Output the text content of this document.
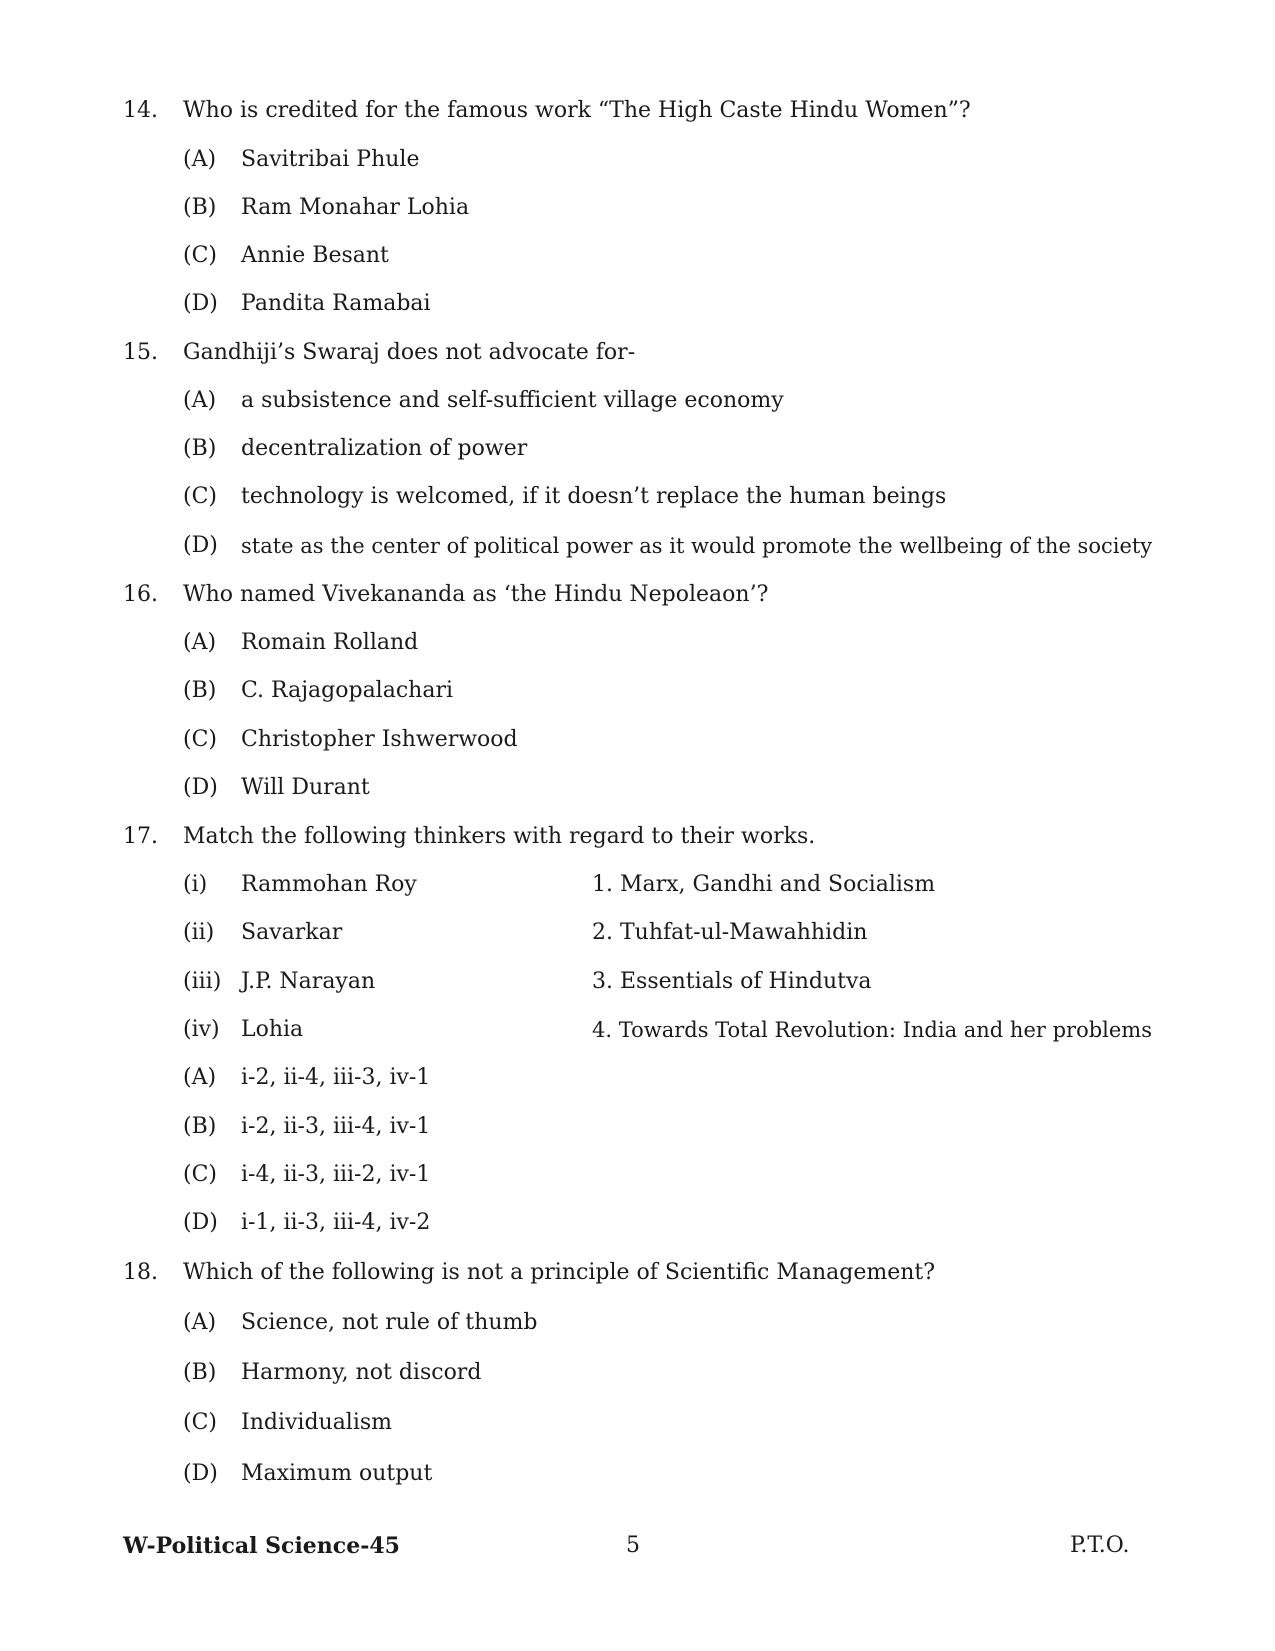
14. Who is credited for the famous work “The High Caste Hindu Women”?
(A) Savitribai Phule
(B) Ram Monahar Lohia
(C) Annie Besant
(D) Pandita Ramabai
15. Gandhiji’s Swaraj does not advocate for-
(A) a subsistence and self-sufficient village economy
(B) decentralization of power
(C) technology is welcomed, if it doesn’t replace the human beings
(D) state as the center of political power as it would promote the wellbeing of the society
16. Who named Vivekananda as ‘the Hindu Nepoleaon’?
(A) Romain Rolland
(B) C. Rajagopalachari
(C) Christopher Ishwerwood
(D) Will Durant
17. Match the following thinkers with regard to their works.
(i) Rammohan Roy	1. Marx, Gandhi and Socialism
(ii) Savarkar	2. Tuhfat-ul-Mawahhidin
(iii) J.P. Narayan	3. Essentials of Hindutva
(iv) Lohia	4. Towards Total Revolution: India and her problems
(A) i-2, ii-4, iii-3, iv-1
(B) i-2, ii-3, iii-4, iv-1
(C) i-4, ii-3, iii-2, iv-1
(D) i-1, ii-3, iii-4, iv-2
18. Which of the following is not a principle of Scientific Management?
(A) Science, not rule of thumb
(B) Harmony, not discord
(C) Individualism
(D) Maximum output
W-Political Science-45	5	P.T.O.
